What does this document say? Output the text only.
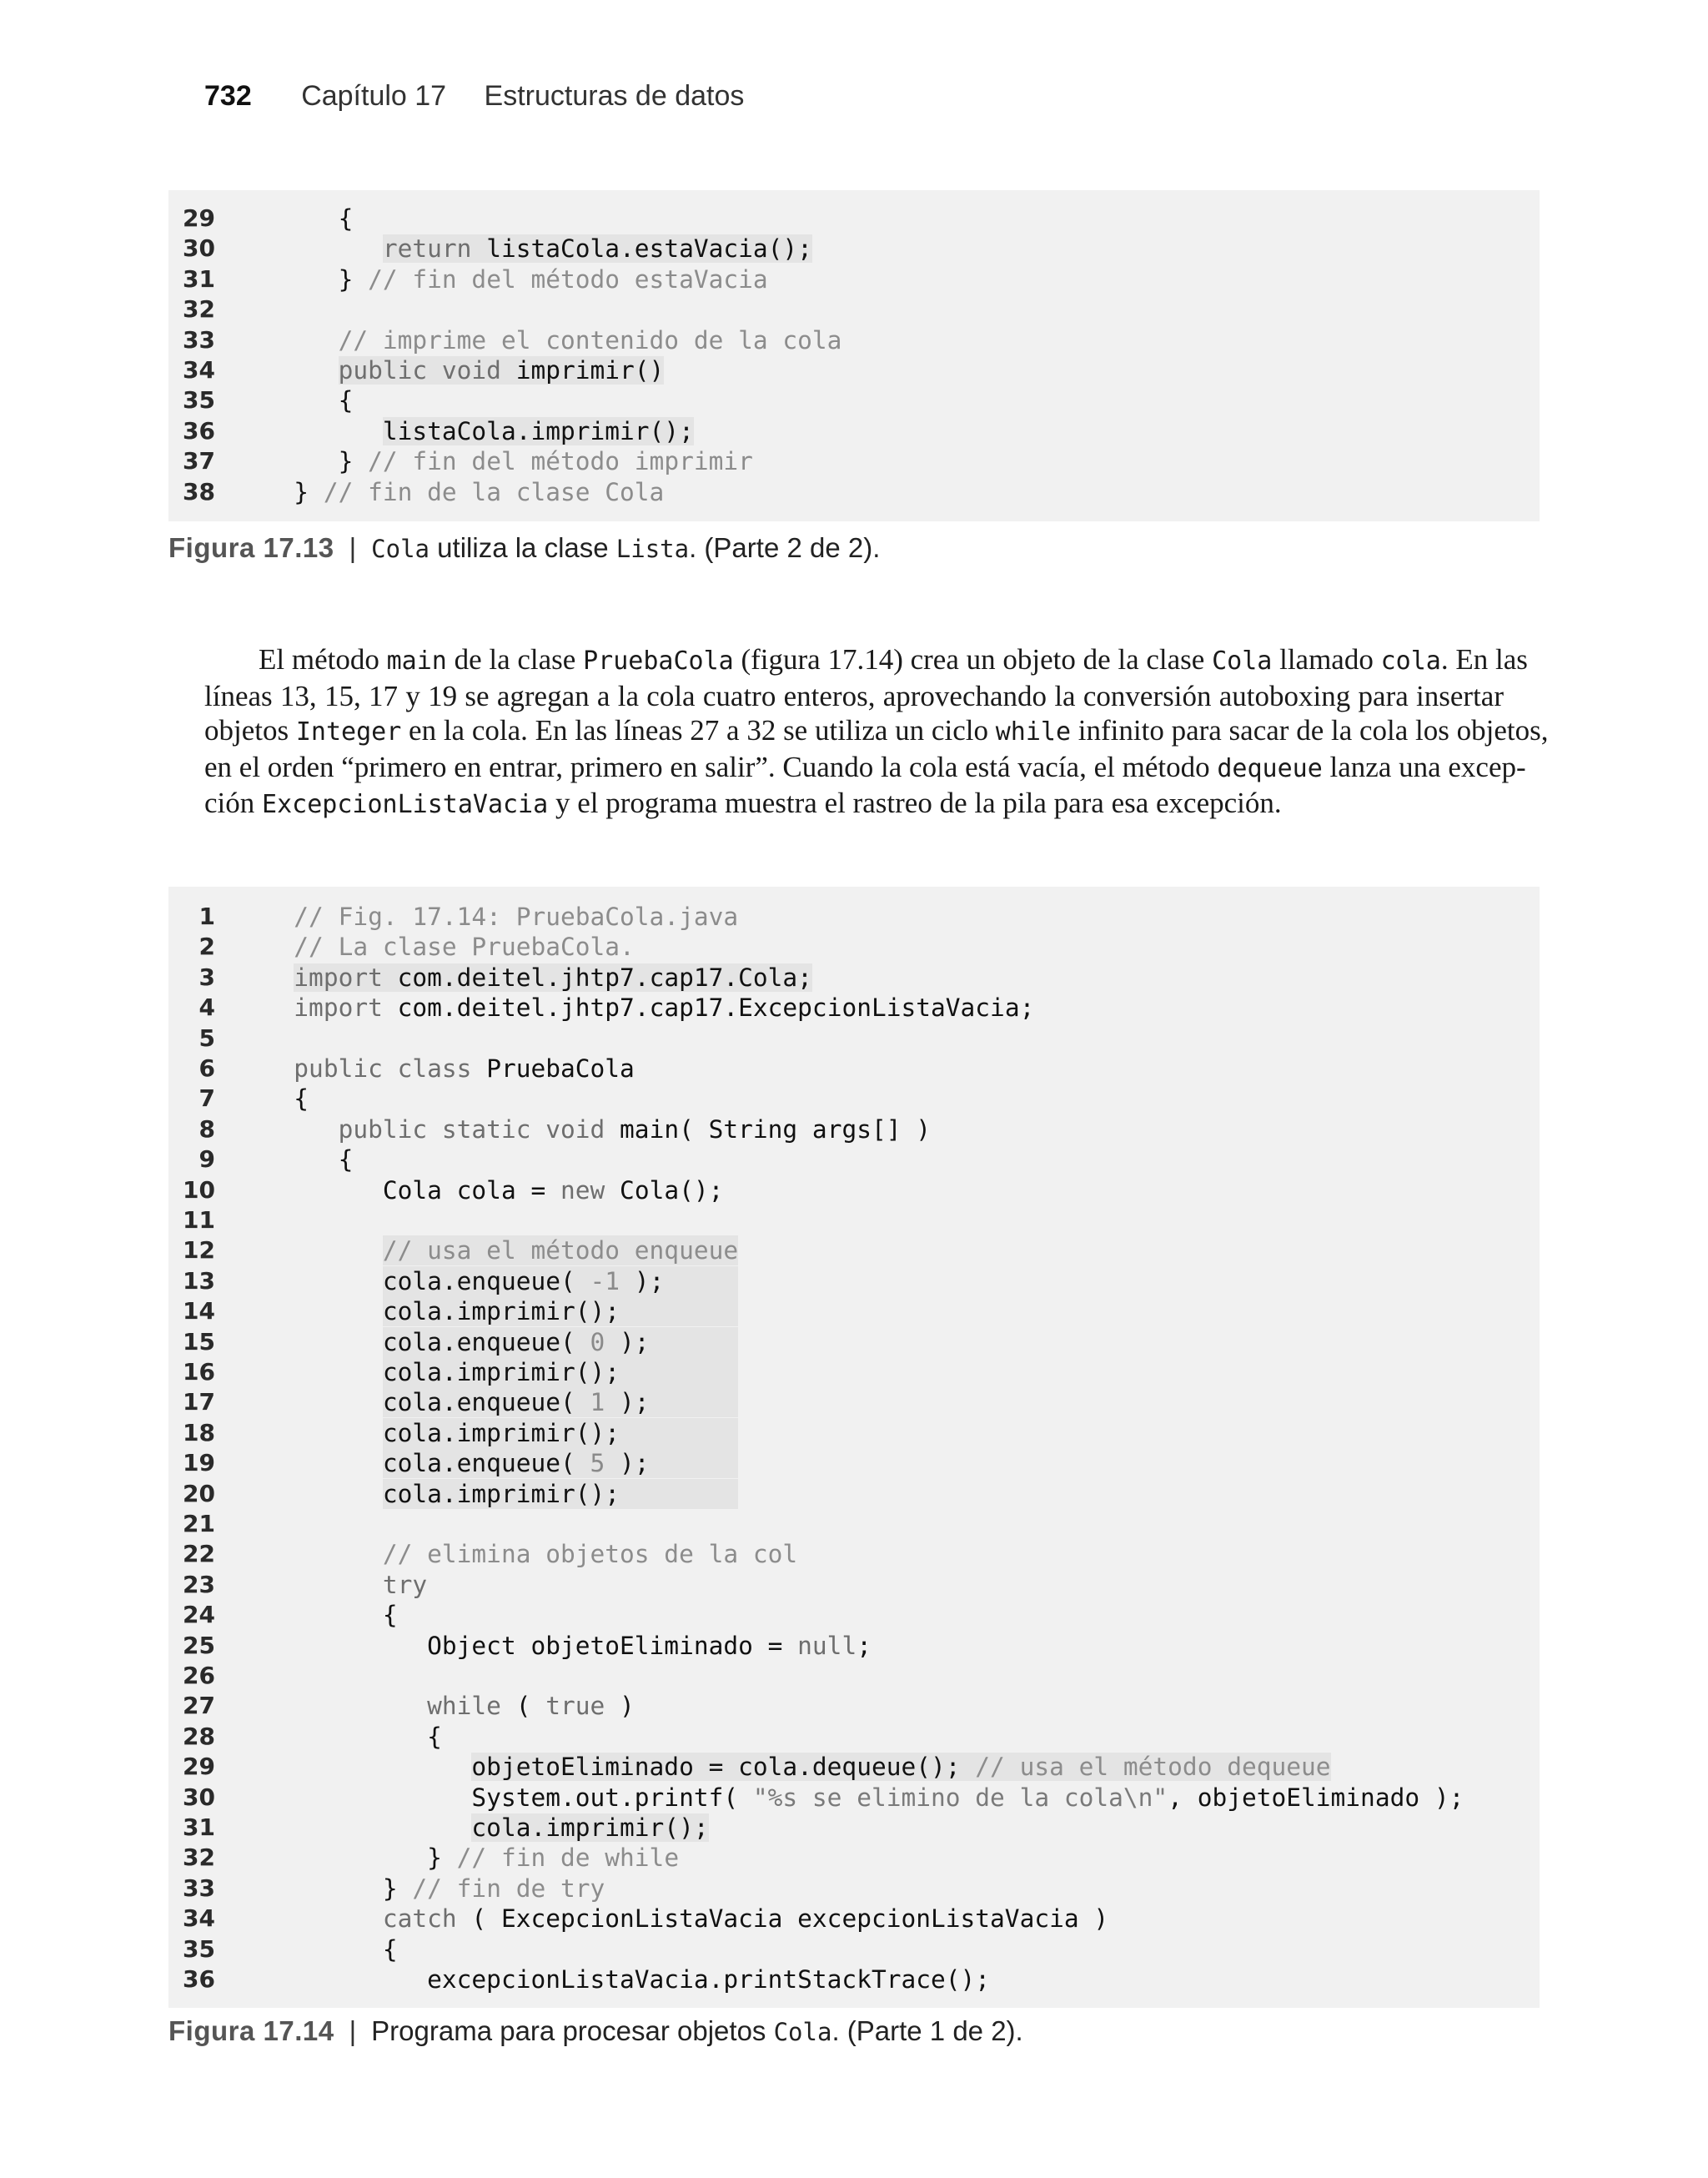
732 Capítulo 17 Estructuras de datos
29	{
30	return listaCola.estaVacia();
31	} // fin del método estaVacia
32
33	// imprime el contenido de la cola
34	public void imprimir()
35	{
36	listaCola.imprimir();
37	} // fin del método imprimir
38	} // fin de la clase Cola
Figura 17.13 | Cola utiliza la clase Lista. (Parte 2 de 2).
El método main de la clase PruebaCola (figura 17.14) crea un objeto de la clase Cola llamado cola. En las
líneas 13, 15, 17 y 19 se agregan a la cola cuatro enteros, aprovechando la conversión autoboxing para insertar
objetos Integer en la cola. En las líneas 27 a 32 se utiliza un ciclo while infinito para sacar de la cola los objetos,
en el orden “primero en entrar, primero en salir”. Cuando la cola está vacía, el método dequeue lanza una excep-
ción ExcepcionListaVacia y el programa muestra el rastreo de la pila para esa excepción.
1	// Fig. 17.14: PruebaCola.java
2	// La clase PruebaCola.
3	import com.deitel.jhtp7.cap17.Cola;
4	import com.deitel.jhtp7.cap17.ExcepcionListaVacia;
5
6	public class PruebaCola
7	{
8	public static void main( String args[] )
9	{
10	Cola cola = new Cola();
11
12	// usa el método enqueue
13	cola.enqueue( -1 );
14	cola.imprimir();
15	cola.enqueue( 0 );
16	cola.imprimir();
17	cola.enqueue( 1 );
18	cola.imprimir();
19	cola.enqueue( 5 );
20	cola.imprimir();
21
22	// elimina objetos de la col
23	try
24	{
25	Object objetoEliminado = null;
26
27	while ( true )
28	{
29	objetoEliminado = cola.dequeue(); // usa el método dequeue
30	System.out.printf( "%s se elimino de la cola\n", objetoEliminado );
31	cola.imprimir();
32	} // fin de while
33	} // fin de try
34	catch ( ExcepcionListaVacia excepcionListaVacia )
35	{
36	excepcionListaVacia.printStackTrace();
Figura 17.14 | Programa para procesar objetos Cola. (Parte 1 de 2).
